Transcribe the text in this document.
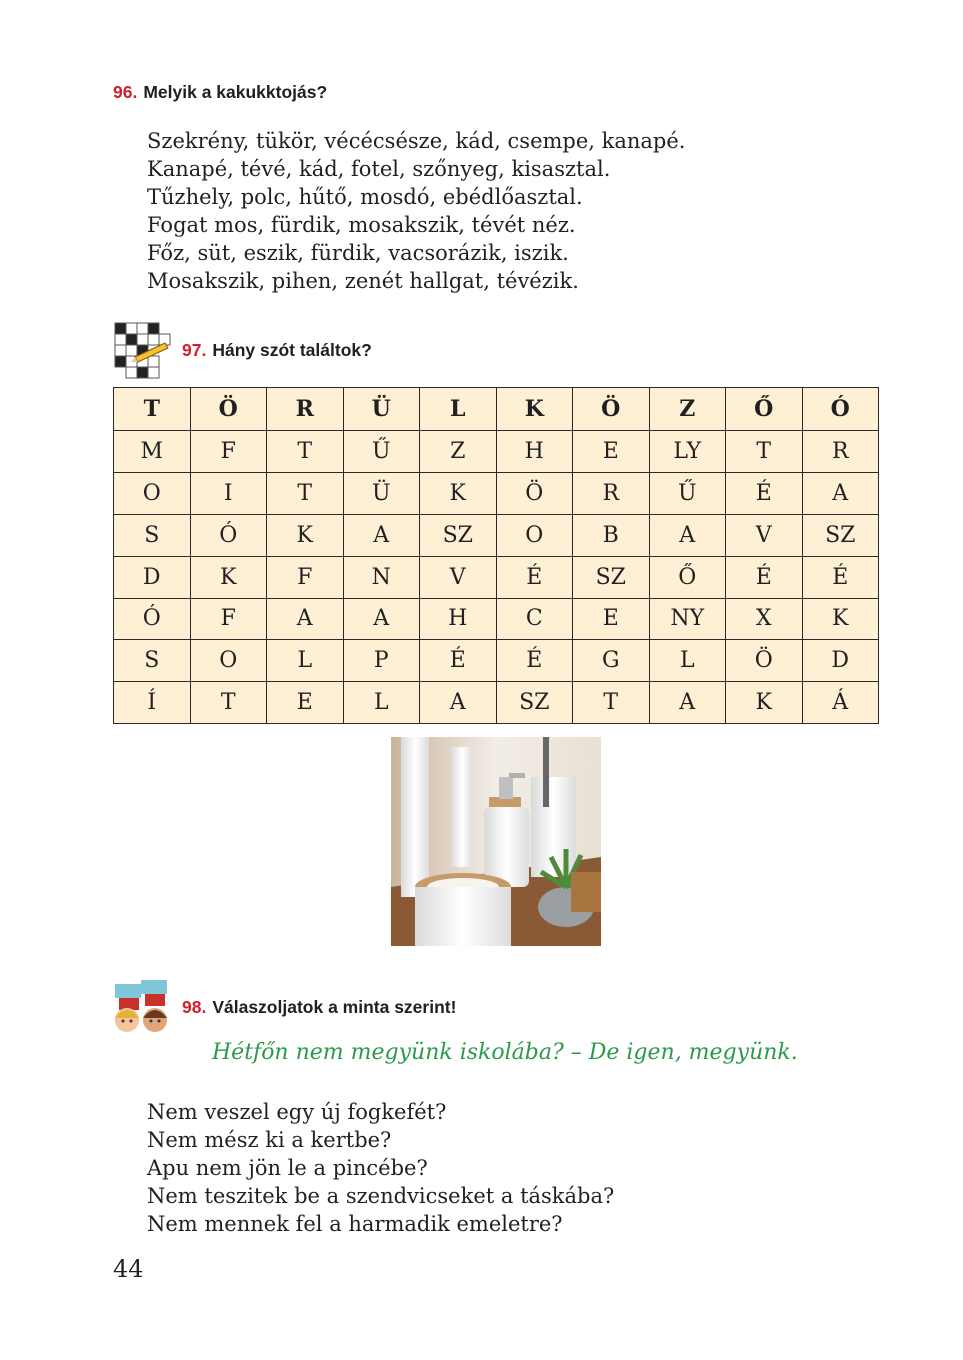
96. Melyik a kakukktojás?
Szekrény, tükör, vécécsésze, kád, csempe, kanapé.
Kanapé, tévé, kád, fotel, szőnyeg, kisasztal.
Tűzhely, polc, hűtő, mosdó, ebédlőasztal.
Fogat mos, fürdik, mosakszik, tévét néz.
Főz, süt, eszik, fürdik, vacsorázik, iszik.
Mosakszik, pihen, zenét hallgat, tévézik.
97. Hány szót találtok?
T	Ö	R	Ü	L	K	Ö	Z	Ő	Ó
M	F	T	Ű	Z	H	E	LY	T	R
O	I	T	Ü	K	Ö	R	Ű	É	A
S	Ó	K	A	SZ	O	B	A	V	SZ
D	K	F	N	V	É	SZ	Ő	É	É
Ó	F	A	A	H	C	E	NY	X	K
S	O	L	P	É	É	G	L	Ö	D
Í	T	E	L	A	SZ	T	A	K	Á
98. Válaszoljatok a minta szerint!
Hétfőn nem megyünk iskolába? – De igen, megyünk.
Nem veszel egy új fogkefét?
Nem mész ki a kertbe?
Apu nem jön le a pincébe?
Nem teszitek be a szendvicseket a táskába?
Nem mennek fel a harmadik emeletre?
44
